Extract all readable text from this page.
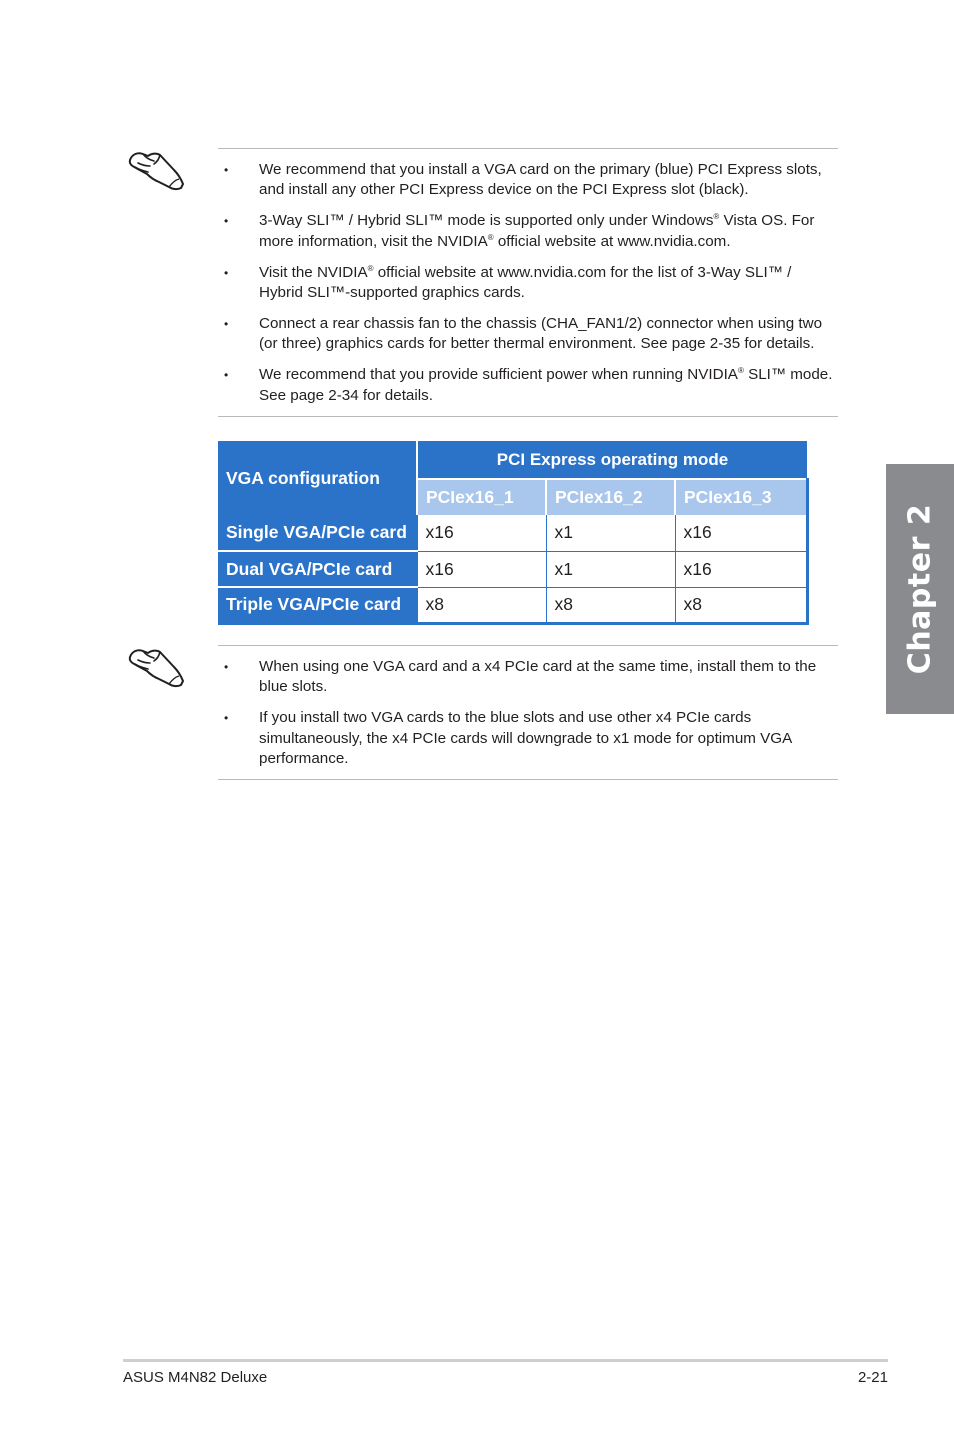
• We recommend that you install a VGA card on the primary (blue) PCI Express slots, and install any other PCI Express device on the PCI Express slot (black).
• 3-Way SLI™ / Hybrid SLI™ mode is supported only under Windows® Vista OS. For more information, visit the NVIDIA® official website at www.nvidia.com.
• Visit the NVIDIA® official website at www.nvidia.com for the list of 3-Way SLI™ / Hybrid SLI™-supported graphics cards.
• Connect a rear chassis fan to the chassis (CHA_FAN1/2) connector when using two (or three) graphics cards for better thermal environment. See page 2-35 for details.
• We recommend that you provide sufficient power when running NVIDIA® SLI™ mode. See page 2-34 for details.
VGA configuration	PCI Express operating mode		
	PCIex16_1	PCIex16_2	PCIex16_3
Single VGA/PCIe card	x16	x1	x16
Dual VGA/PCIe card	x16	x1	x16
Triple VGA/PCIe card	x8	x8	x8
• When using one VGA card and a x4 PCIe card at the same time, install them to the blue slots.
• If you install two VGA cards to the blue slots and use other x4 PCIe cards simultaneously, the x4 PCIe cards will downgrade to x1 mode for optimum VGA performance.
Chapter 2
ASUS M4N82 Deluxe	2-21
